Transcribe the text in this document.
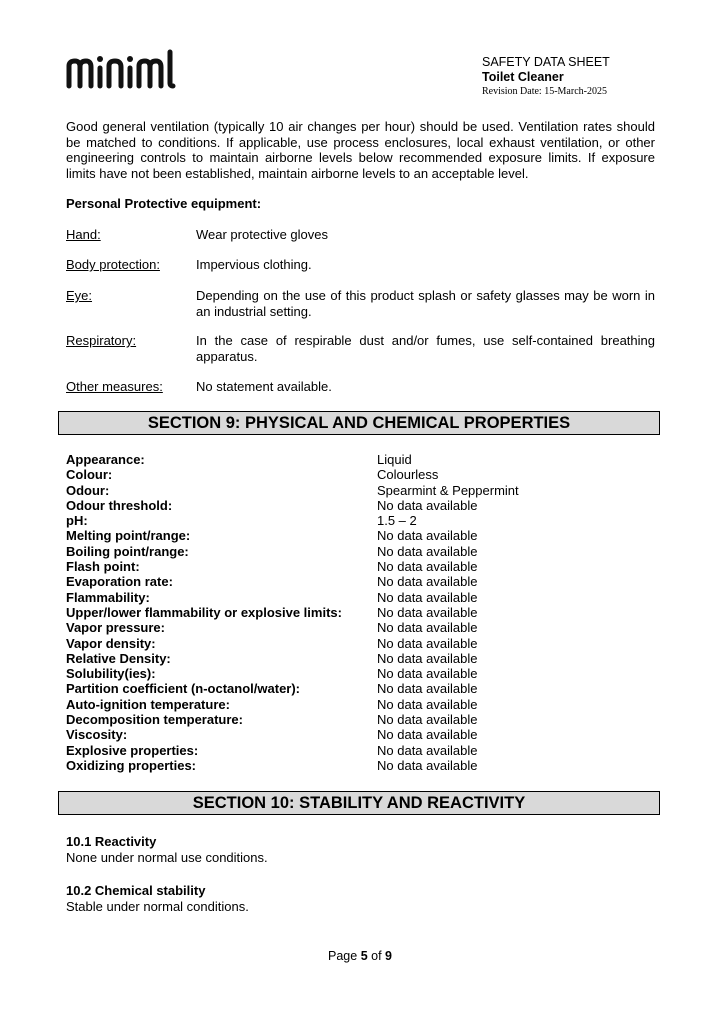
SAFETY DATA SHEET
Toilet Cleaner
Revision Date: 15-March-2025
Good general ventilation (typically 10 air changes per hour) should be used. Ventilation rates should be matched to conditions. If applicable, use process enclosures, local exhaust ventilation, or other engineering controls to maintain airborne levels below recommended exposure limits. If exposure limits have not been established, maintain airborne levels to an acceptable level.
Personal Protective equipment:
Hand:	Wear protective gloves
Body protection:	Impervious clothing.
Eye:	Depending on the use of this product splash or safety glasses may be worn in an industrial setting.
Respiratory:	In the case of respirable dust and/or fumes, use self-contained breathing apparatus.
Other measures:	No statement available.
SECTION 9: PHYSICAL AND CHEMICAL PROPERTIES
Appearance:	Liquid
Colour:	Colourless
Odour:	Spearmint & Peppermint
Odour threshold:	No data available
pH:	1.5 – 2
Melting point/range:	No data available
Boiling point/range:	No data available
Flash point:	No data available
Evaporation rate:	No data available
Flammability:	No data available
Upper/lower flammability or explosive limits:	No data available
Vapor pressure:	No data available
Vapor density:	No data available
Relative Density:	No data available
Solubility(ies):	No data available
Partition coefficient (n-octanol/water):	No data available
Auto-ignition temperature:	No data available
Decomposition temperature:	No data available
Viscosity:	No data available
Explosive properties:	No data available
Oxidizing properties:	No data available
SECTION 10: STABILITY AND REACTIVITY
10.1 Reactivity
None under normal use conditions.
10.2 Chemical stability
Stable under normal conditions.
Page 5 of 9
